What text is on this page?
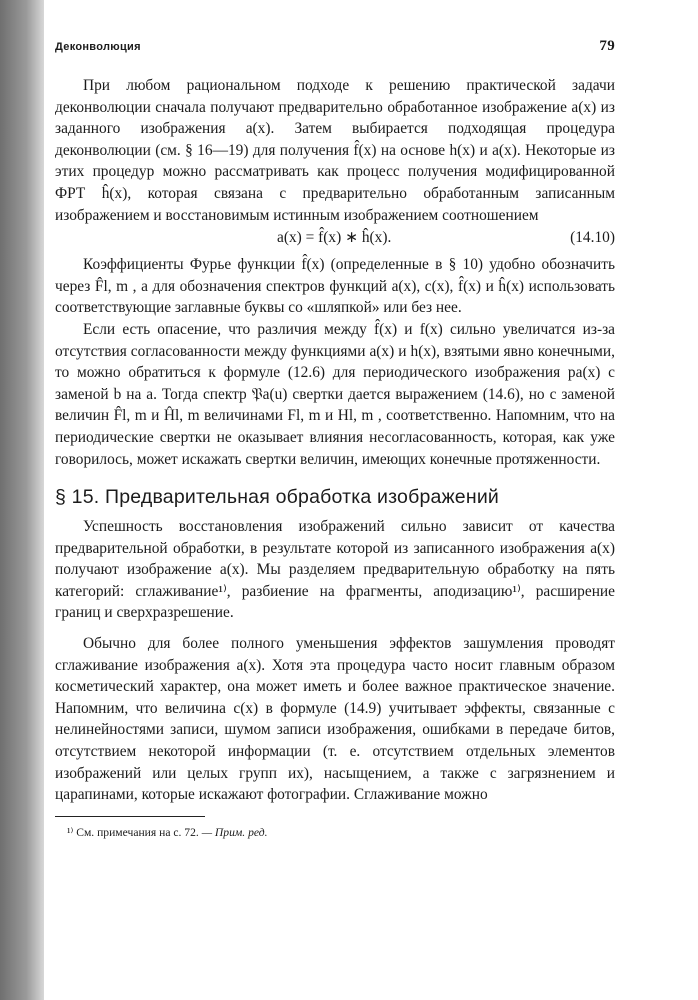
Деконволюция	79

При любом рациональном подходе к решению практической задачи деконволюции сначала получают предварительно обработанное изображение a(x) из заданного изображения a(x). Затем выбирается подходящая процедура деконволюции (см. § 16—19) для получения f̂(x) на основе h(x) и a(x). Некоторые из этих процедур можно рассматривать как процесс получения модифицированной ФРТ ĥ(x), которая связана с предварительно обработанным записанным изображением и восстановимым истинным изображением соотношением

a(x) = f̂(x) ∗ ĥ(x).	(14.10)

Коэффициенты Фурье функции f̂(x) (определенные в § 10) удобно обозначить через F̂l, m , а для обозначения спектров функций a(x), c(x), f̂(x) и ĥ(x) использовать соответствующие заглавные буквы со «шляпкой» или без нее.

Если есть опасение, что различия между f̂(x) и f(x) сильно увеличатся из-за отсутствия согласованности между функциями a(x) и h(x), взятыми явно конечными, то можно обратиться к формуле (12.6) для периодического изображения pa(x) с заменой b на a. Тогда спектр 𝔓a(u) свертки дается выражением (14.6), но с заменой величин F̂l, m и Ĥl, m величинами Fl, m и Hl, m , соответственно. Напомним, что на периодические свертки не оказывает влияния несогласованность, которая, как уже говорилось, может искажать свертки величин, имеющих конечные протяженности.

§ 15. Предварительная обработка изображений

Успешность восстановления изображений сильно зависит от качества предварительной обработки, в результате которой из записанного изображения a(x) получают изображение a(x). Мы разделяем предварительную обработку на пять категорий: сглаживание¹⁾, разбиение на фрагменты, аподизацию¹⁾, расширение границ и сверхразрешение.

Обычно для более полного уменьшения эффектов зашумления проводят сглаживание изображения a(x). Хотя эта процедура часто носит главным образом косметический характер, она может иметь и более важное практическое значение. Напомним, что величина c(x) в формуле (14.9) учитывает эффекты, связанные с нелинейностями записи, шумом записи изображения, ошибками в передаче битов, отсутствием некоторой информации (т. е. отсутствием отдельных элементов изображений или целых групп их), насыщением, а также с загрязнением и царапинами, которые искажают фотографии. Сглаживание можно

¹⁾ См. примечания на с. 72. — Прим. ред.
